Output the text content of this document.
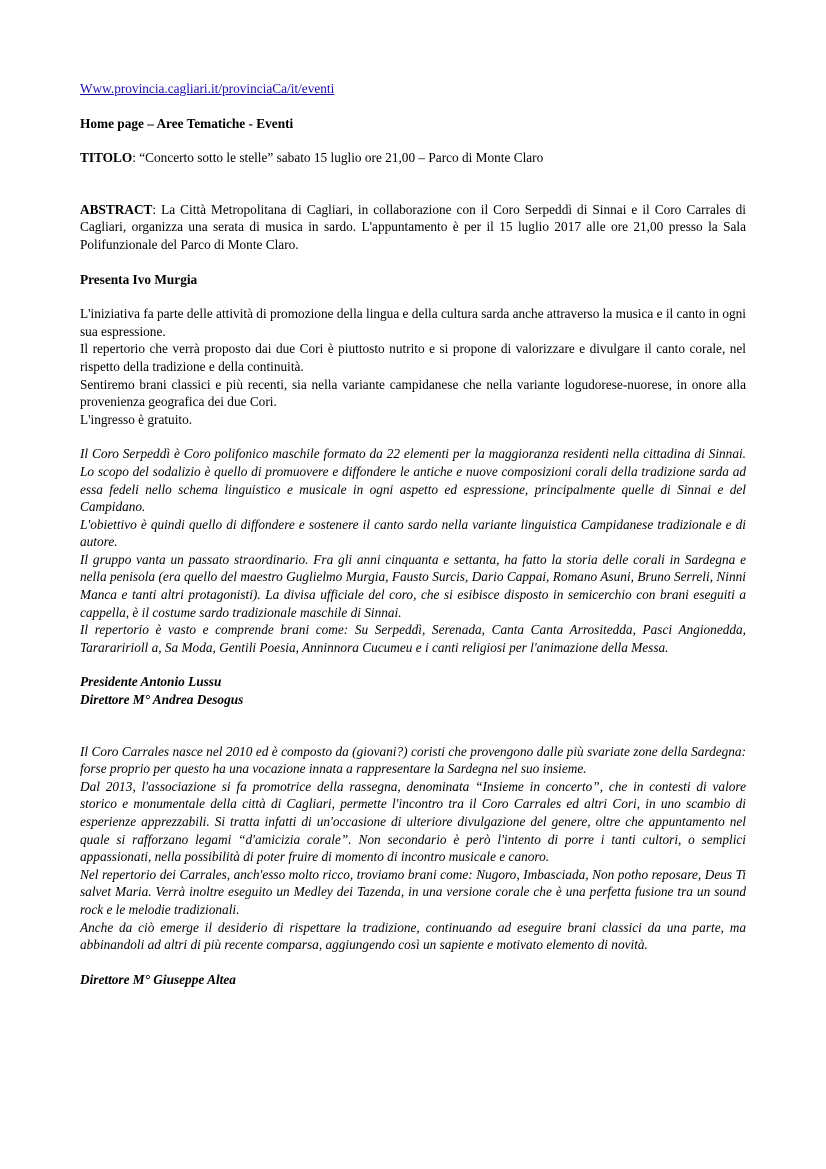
Www.provincia.cagliari.it/provinciaCa/it/eventi

Home page – Aree Tematiche - Eventi

TITOLO: “Concerto sotto le stelle” sabato 15 luglio ore 21,00 – Parco di Monte Claro

ABSTRACT: La Città Metropolitana di Cagliari, in collaborazione con il Coro Serpeddì di Sinnai e il Coro Carrales di Cagliari, organizza una serata di musica in sardo. L'appuntamento è per il 15 luglio 2017 alle ore 21,00 presso la Sala Polifunzionale del Parco di Monte Claro.

Presenta Ivo Murgia

L'iniziativa fa parte delle attività di promozione della lingua e della cultura sarda anche attraverso la musica e il canto in ogni sua espressione.

Il repertorio che verrà proposto dai due Cori è piuttosto nutrito e si propone di valorizzare e divulgare il canto corale, nel rispetto della tradizione e della continuità.

Sentiremo brani classici e più recenti, sia nella variante campidanese che nella variante logudorese-nuorese, in onore alla provenienza geografica dei due Cori.

L'ingresso è gratuito.

Il Coro Serpeddì è Coro polifonico maschile formato da 22 elementi per la maggioranza residenti nella cittadina di Sinnai. Lo scopo del sodalizio è quello di promuovere e diffondere le antiche e nuove composizioni corali della tradizione sarda ad essa fedeli nello schema linguistico e musicale in ogni aspetto ed espressione, principalmente quelle di Sinnai e del Campidano.

L'obiettivo è quindi quello di diffondere e sostenere il canto sardo nella variante linguistica Campidanese tradizionale e di autore.

Il gruppo vanta un passato straordinario. Fra gli anni cinquanta e settanta, ha fatto la storia delle corali in Sardegna e nella penisola (era quello del maestro Guglielmo Murgia, Fausto Surcis, Dario Cappai, Romano Asuni, Bruno Serreli, Ninni Manca e tanti altri protagonisti). La divisa ufficiale del coro, che si esibisce disposto in semicerchio con brani eseguiti a cappella, è il costume sardo tradizionale maschile di Sinnai.

Il repertorio è vasto e comprende brani come: Su Serpeddì, Serenada, Canta Canta Arrositedda, Pasci Angionedda, Tarararirioll a, Sa Moda, Gentili Poesia, Anninnora Cucumeu e i canti religiosi per l'animazione della Messa.

Presidente Antonio Lussu

Direttore M° Andrea Desogus

Il Coro Carrales nasce nel 2010 ed è composto da (giovani?) coristi che provengono dalle più svariate zone della Sardegna: forse proprio per questo ha una vocazione innata a rappresentare la Sardegna nel suo insieme.

Dal 2013, l'associazione si fa promotrice della rassegna, denominata “Insieme in concerto”, che in contesti di valore storico e monumentale della città di Cagliari, permette l'incontro tra il Coro Carrales ed altri Cori, in uno scambio di esperienze apprezzabili. Si tratta infatti di un'occasione di ulteriore divulgazione del genere, oltre che appuntamento nel quale si rafforzano legami “d'amicizia corale”. Non secondario è però l'intento di porre i tanti cultori, o semplici appassionati, nella possibilità di poter fruire di momento di incontro musicale e canoro.

Nel repertorio dei Carrales, anch'esso molto ricco, troviamo brani come: Nugoro, Imbasciada, Non potho reposare, Deus Ti salvet Maria. Verrà inoltre eseguito un Medley dei Tazenda, in una versione corale che è una perfetta fusione tra un sound rock e le melodie tradizionali.

Anche da ciò emerge il desiderio di rispettare la tradizione, continuando ad eseguire brani classici da una parte, ma abbinandoli ad altri di più recente comparsa, aggiungendo così un sapiente e motivato elemento di novità.

Direttore M° Giuseppe Altea
